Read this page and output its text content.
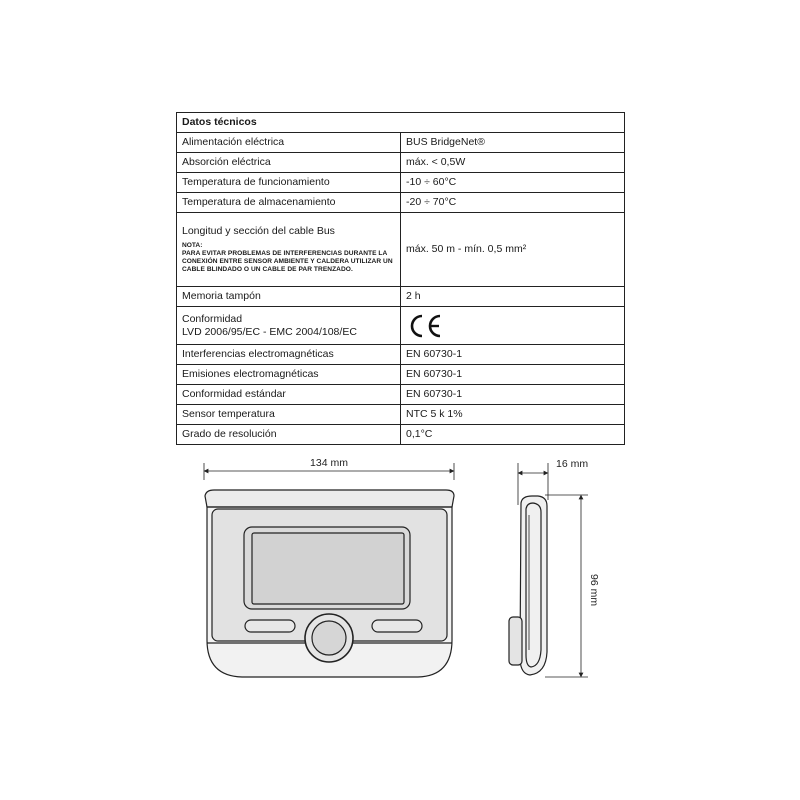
Datos técnicos	
Alimentación eléctrica	BUS BridgeNet®
Absorción eléctrica	máx. < 0,5W
Temperatura de funcionamiento	-10 ÷ 60°C
Temperatura de almacenamiento	-20 ÷ 70°C

Longitud y sección del cable Bus
NOTA:
PARA EVITAR PROBLEMAS DE INTERFERENCIAS DURANTE LA CONEXIÓN ENTRE SENSOR AMBIENTE Y CALDERA UTILIZAR UN CABLE BLINDADO O UN CABLE DE PAR TRENZADO.	máx. 50 m - mín. 0,5 mm²
Memoria tampón	2 h

Conformidad
LVD 2006/95/EC - EMC 2004/108/EC

Interferencias electromagnéticas	EN 60730-1
Emisiones electromagnéticas	EN 60730-1
Conformidad estándar	EN 60730-1
Sensor temperatura	NTC 5 k 1%
Grado de resolución	0,1°C
134 mm	16 mm
96 mm
